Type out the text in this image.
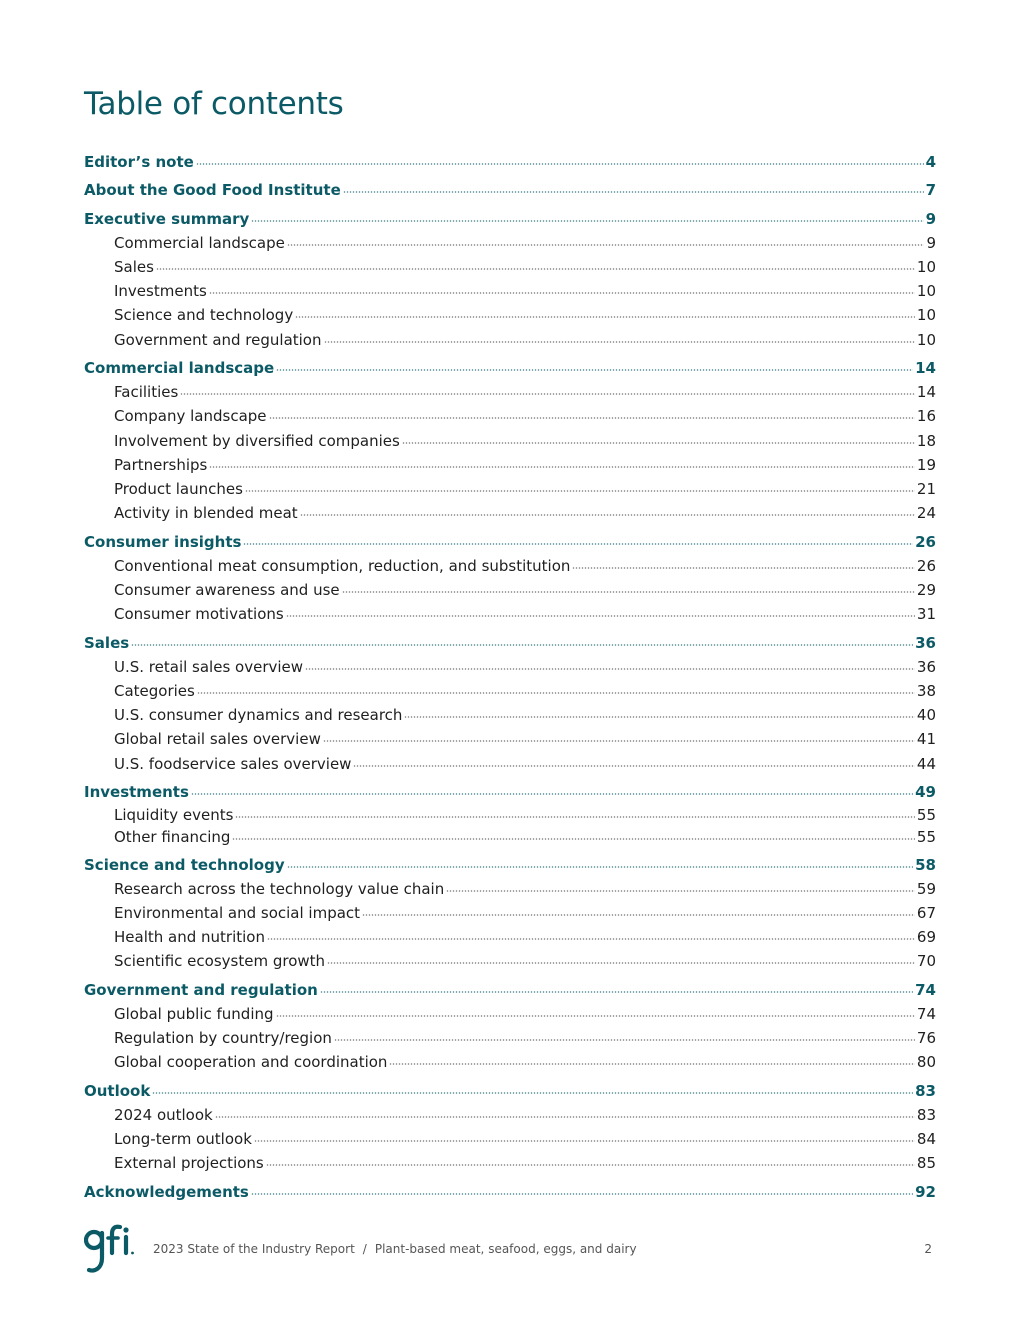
Table of contents
Editor’s note	4
About the Good Food Institute	7
Executive summary	9
Commercial landscape	9
Sales	10
Investments	10
Science and technology	10
Government and regulation	10
Commercial landscape	14
Facilities	14
Company landscape	16
Involvement by diversified companies	18
Partnerships	19
Product launches	21
Activity in blended meat	24
Consumer insights	26
Conventional meat consumption, reduction, and substitution	26
Consumer awareness and use	29
Consumer motivations	31
Sales	36
U.S. retail sales overview	36
Categories	38
U.S. consumer dynamics and research	40
Global retail sales overview	41
U.S. foodservice sales overview	44
Investments	49
Liquidity events	55
Other financing	55
Science and technology	58
Research across the technology value chain	59
Environmental and social impact	67
Health and nutrition	69
Scientific ecosystem growth	70
Government and regulation	74
Global public funding	74
Regulation by country/region	76
Global cooperation and coordination	80
Outlook	83
2024 outlook	83
Long-term outlook	84
External projections	85
Acknowledgements	92
2023 State of the Industry Report / Plant-based meat, seafood, eggs, and dairy	2
